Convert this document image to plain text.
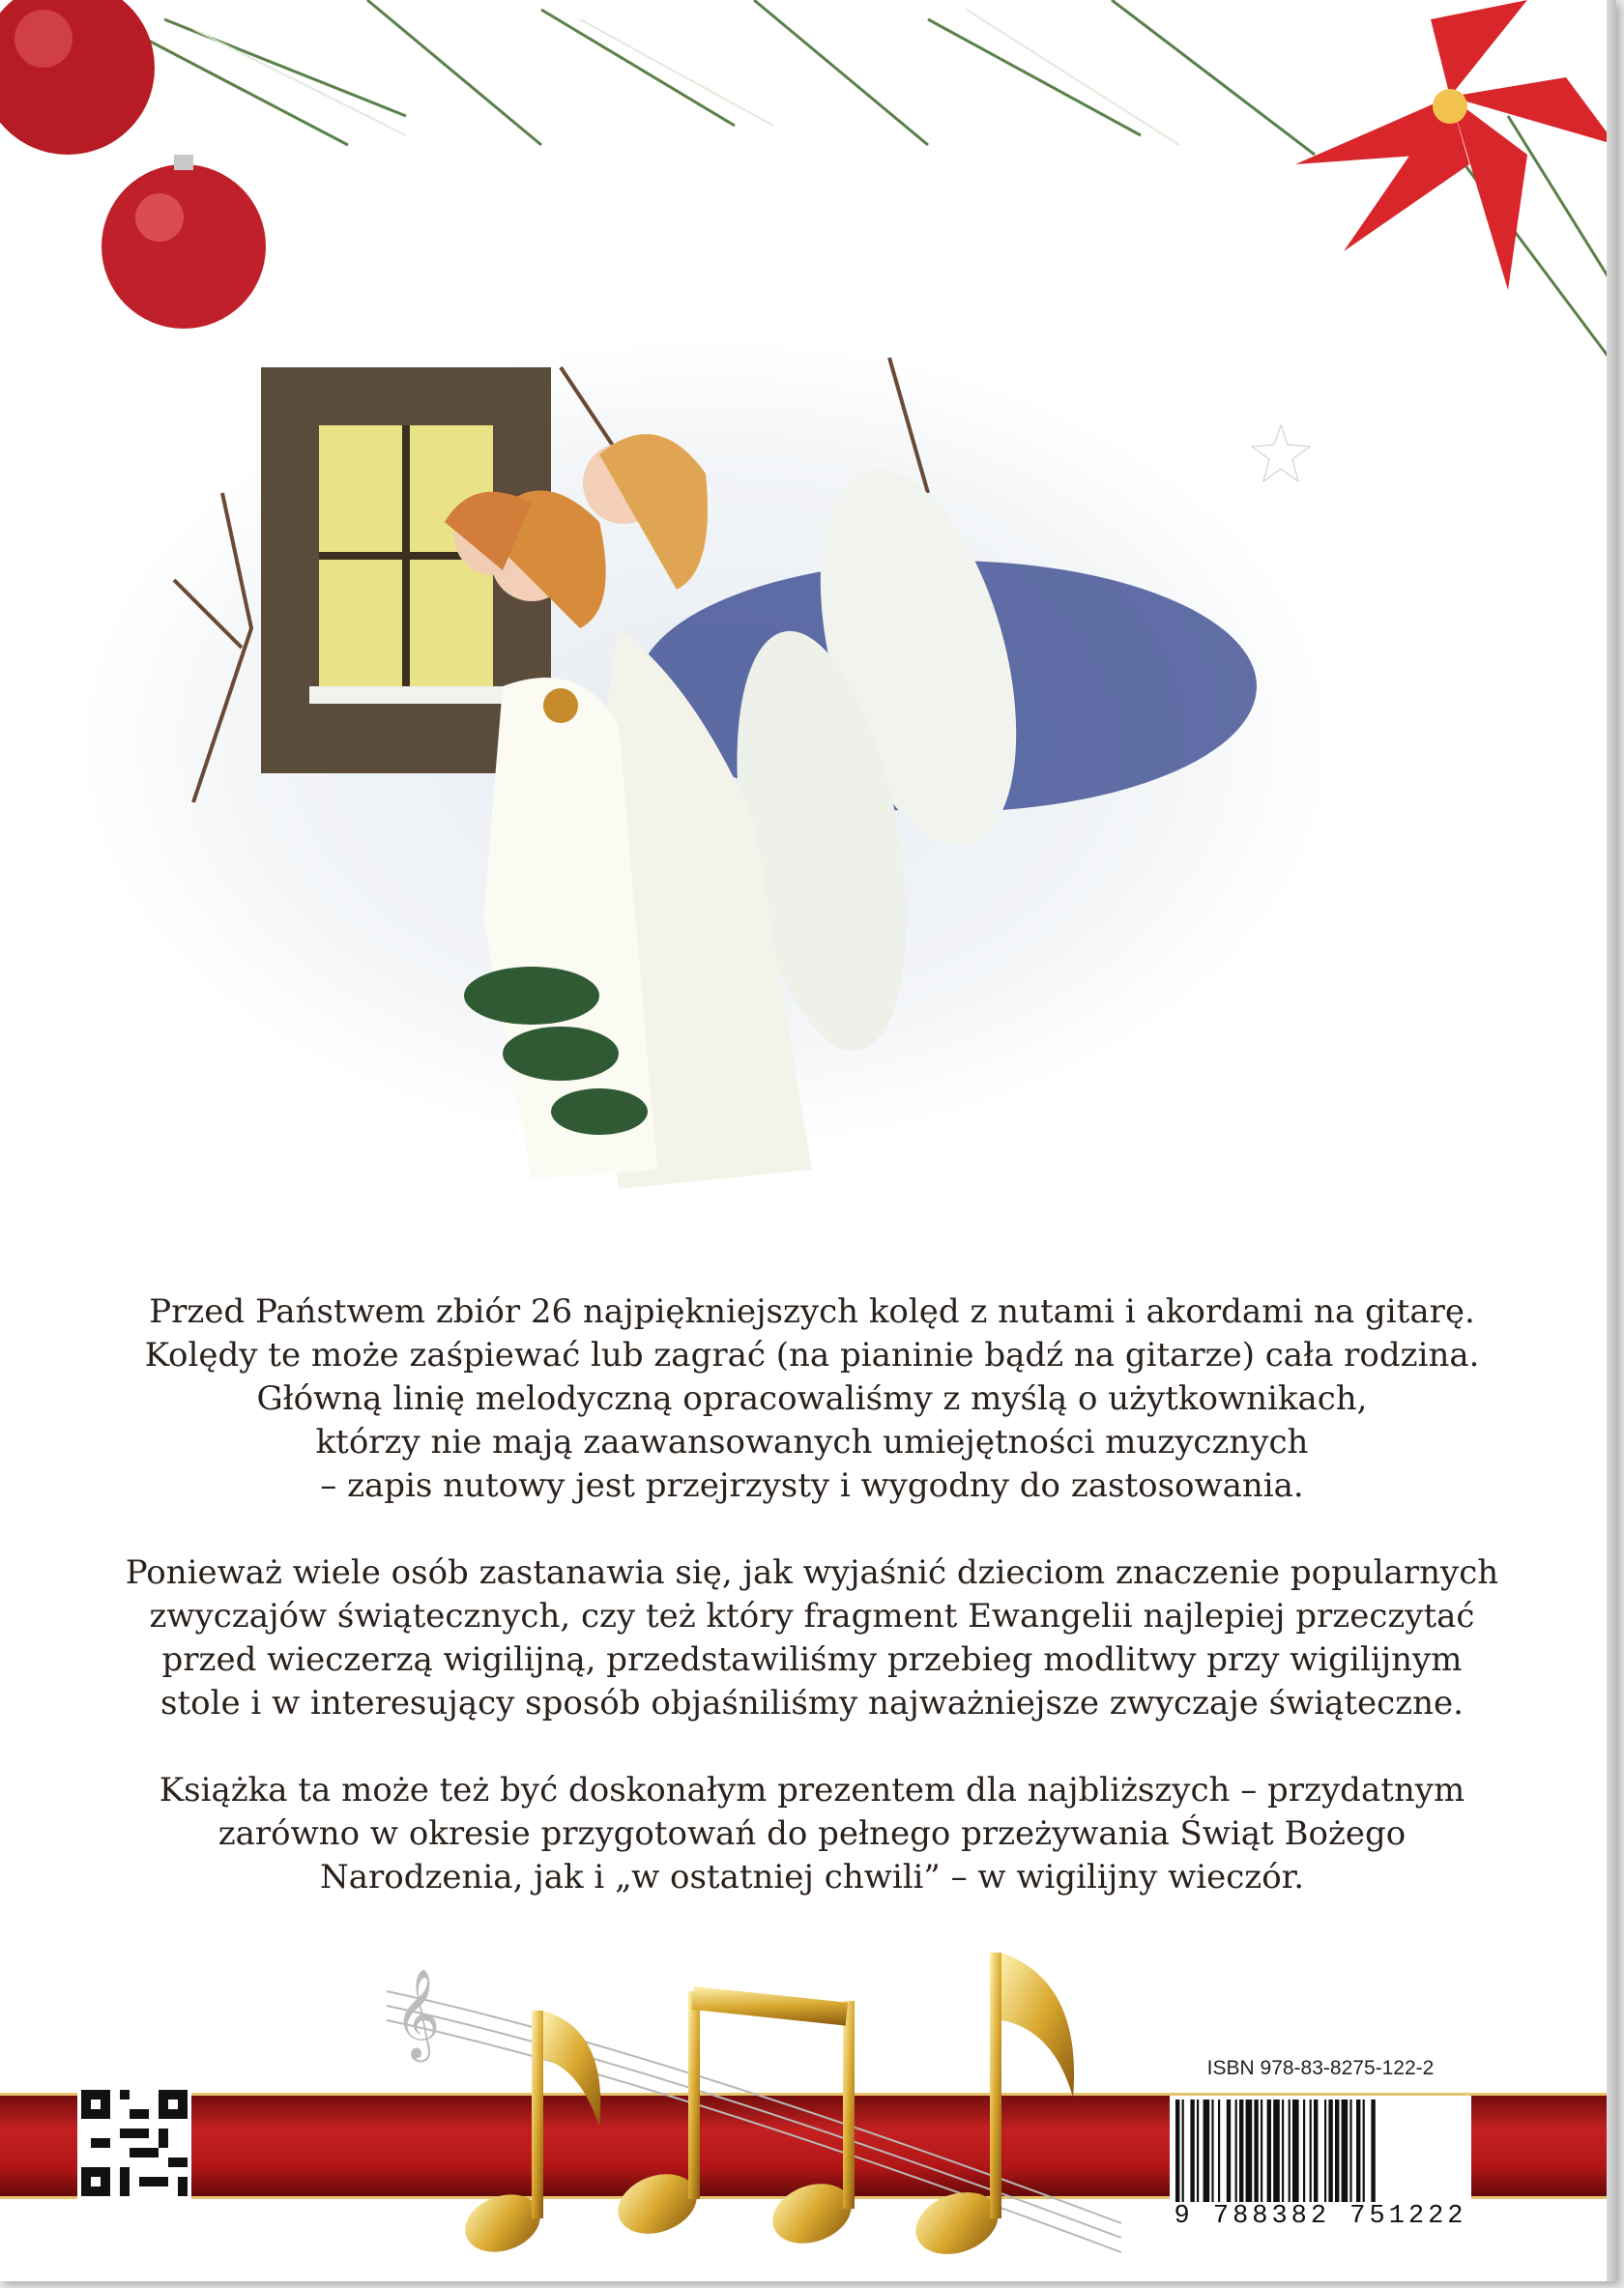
Przed Państwem zbiór 26 najpiękniejszych kolęd z nutami i akordami na gitarę.
Kolędy te może zaśpiewać lub zagrać (na pianinie bądź na gitarze) cała rodzina.
Główną linię melodyczną opracowaliśmy z myślą o użytkownikach,
którzy nie mają zaawansowanych umiejętności muzycznych
– zapis nutowy jest przejrzysty i wygodny do zastosowania.

Ponieważ wiele osób zastanawia się, jak wyjaśnić dzieciom znaczenie popularnych
zwyczajów świątecznych, czy też który fragment Ewangelii najlepiej przeczytać
przed wieczerzą wigilijną, przedstawiliśmy przebieg modlitwy przy wigilijnym
stole i w interesujący sposób objaśniliśmy najważniejsze zwyczaje świąteczne.

Książka ta może też być doskonałym prezentem dla najbliższych – przydatnym
zarówno w okresie przygotowań do pełnego przeżywania Świąt Bożego
Narodzenia, jak i „w ostatniej chwili” – w wigilijny wieczór.

𝄞
ISBN 978-83-8275-122-2
9 788382 751222
